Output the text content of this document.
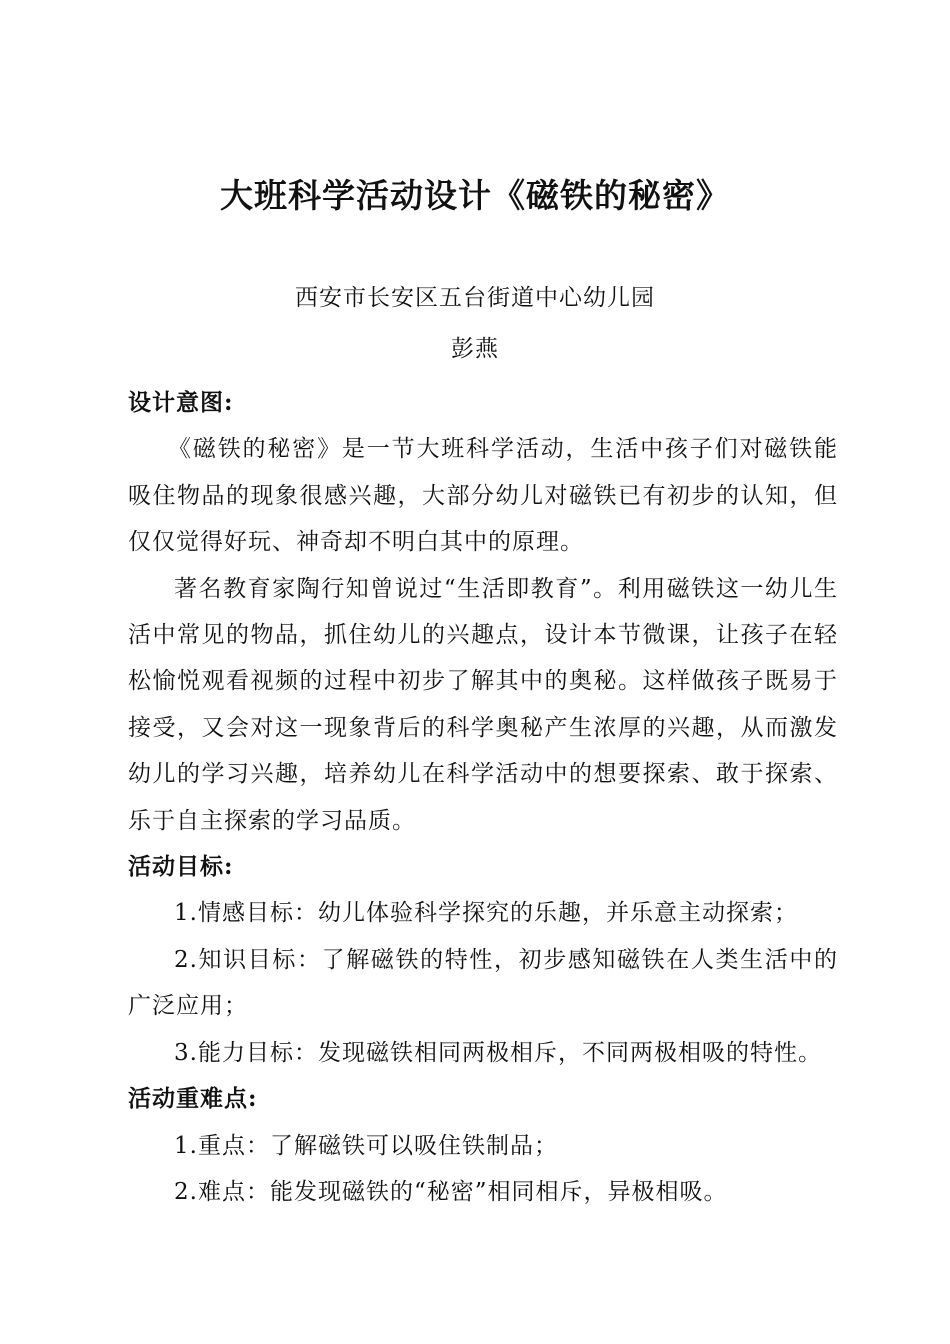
大班科学活动设计《磁铁的秘密》
西安市长安区五台街道中心幼儿园
彭燕

设计意图:

《磁铁的秘密》是一节大班科学活动，生活中孩子们对磁铁能吸住物品的现象很感兴趣，大部分幼儿对磁铁已有初步的认知，但仅仅觉得好玩、神奇却不明白其中的原理。

著名教育家陶行知曾说过“生活即教育”。利用磁铁这一幼儿生活中常见的物品，抓住幼儿的兴趣点，设计本节微课，让孩子在轻松愉悦观看视频的过程中初步了解其中的奥秘。这样做孩子既易于接受，又会对这一现象背后的科学奥秘产生浓厚的兴趣，从而激发幼儿的学习兴趣，培养幼儿在科学活动中的想要探索、敢于探索、乐于自主探索的学习品质。

活动目标:

1.情感目标：幼儿体验科学探究的乐趣，并乐意主动探索；

2.知识目标：了解磁铁的特性，初步感知磁铁在人类生活中的广泛应用；

3.能力目标：发现磁铁相同两极相斥，不同两极相吸的特性。

活动重难点:

1.重点：了解磁铁可以吸住铁制品；

2.难点：能发现磁铁的“秘密”相同相斥，异极相吸。
